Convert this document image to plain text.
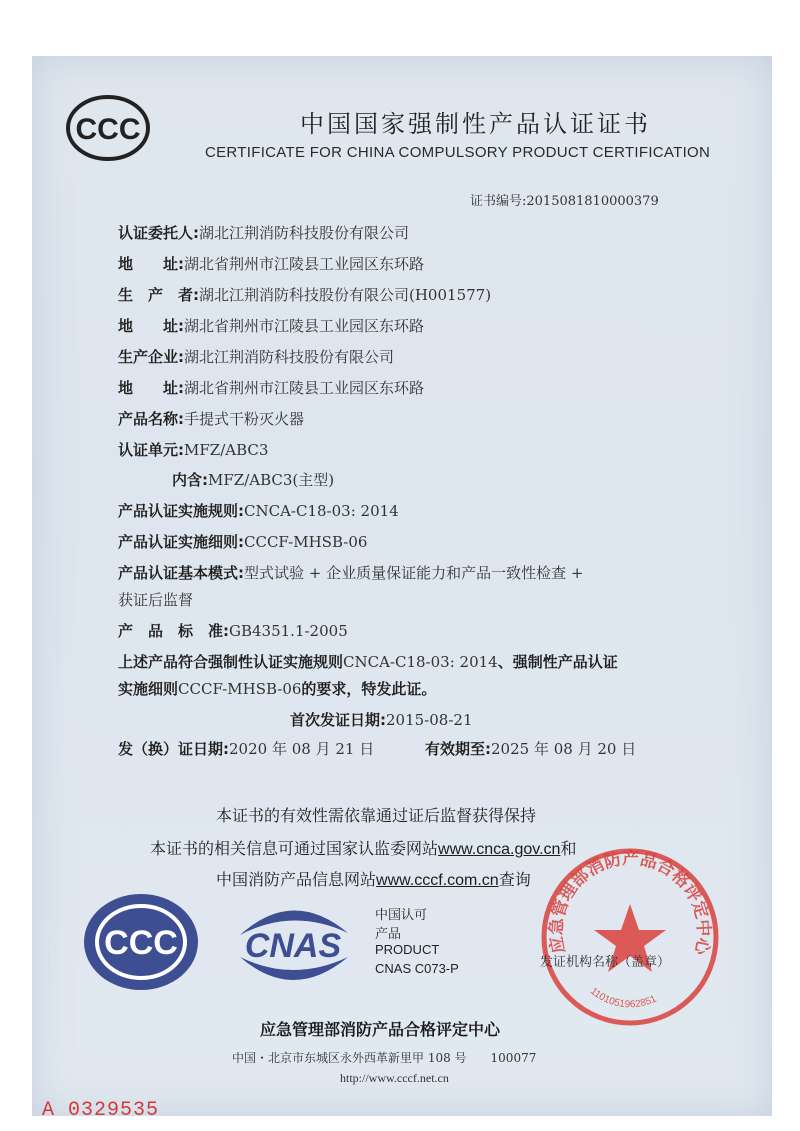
CCC	中国国家强制性产品认证证书
CERTIFICATE FOR CHINA COMPULSORY PRODUCT CERTIFICATION
证书编号:2015081810000379
认证委托人:湖北江荆消防科技股份有限公司
地　　址:湖北省荆州市江陵县工业园区东环路
生　产　者:湖北江荆消防科技股份有限公司(H001577)
地　　址:湖北省荆州市江陵县工业园区东环路
生产企业:湖北江荆消防科技股份有限公司
地　　址:湖北省荆州市江陵县工业园区东环路
产品名称:手提式干粉灭火器
认证单元:MFZ/ABC3
内含:MFZ/ABC3(主型)
产品认证实施规则:CNCA-C18-03: 2014
产品认证实施细则:CCCF-MHSB-06
产品认证基本模式:型式试验 + 企业质量保证能力和产品一致性检查 +
获证后监督
产　品　标　准:GB4351.1-2005
上述产品符合强制性认证实施规则CNCA-C18-03: 2014、强制性产品认证
实施细则CCCF-MHSB-06的要求，特发此证。
首次发证日期:2015-08-21
发（换）证日期:2020 年 08 月 21 日	有效期至:2025 年 08 月 20 日
本证书的有效性需依靠通过证后监督获得保持
本证书的相关信息可通过国家认监委网站www.cnca.gov.cn和
中国消防产品信息网站www.cccf.com.cn查询
CCC CNAS
中国认可
产品
PRODUCT
CNAS C073-P
应急管理部消防产品合格评定中心
1101051962851
发证机构名称（盖章）
应急管理部消防产品合格评定中心
中国・北京市东城区永外西革新里甲 108 号　　100077
http://www.cccf.net.cn
A 0329535
